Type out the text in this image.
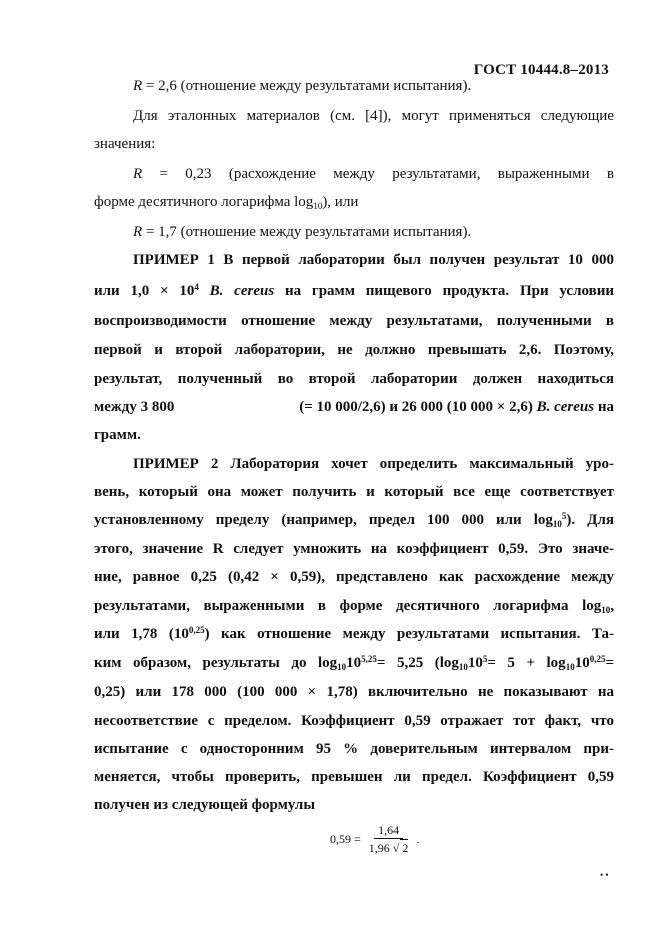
ГОСТ 10444.8–2013
R = 2,6 (отношение между результатами испытания).
Для эталонных материалов (см. [4]), могут применяться следующие
значения:
R = 0,23 (расхождение между результатами, выраженными в
форме десятичного логарифма $\log_{10}$), или
R = 1,7 (отношение между результатами испытания).
ПРИМЕР 1 В первой лаборатории был получен результат 10 000
или $1,0 \times 10^4$ B. cereus на грамм пищевого продукта. При условии
воспроизводимости отношение между результатами, полученными в
первой и второй лаборатории, не должно превышать 2,6. Поэтому,
результат, полученный во второй лаборатории должен находиться
между 3 800	(= 10 000/2,6) и 26 000 (10 000 × 2,6) B. cereus на
грамм.
ПРИМЕР 2 Лаборатория хочет определить максимальный уро-
вень, который она может получить и который все еще соответствует
установленному пределу (например, предел 100 000 или $\log_{10}^5$). Для
этого, значение R следует умножить на коэффициент 0,59. Это значе-
ние, равное 0,25 (0,42 × 0,59), представлено как расхождение между
результатами, выраженными в форме десятичного логарифма $\log_{10}$,
или 1,78 (10$^{0,25}$) как отношение между результатами испытания. Та-
ким образом, результаты до $\log_{10}10^{5,25}= 5,25$ ($\log_{10}10^5= 5 + \log_{10}10^{0,25}=$
0,25) или 178 000 (100 000 × 1,78) включительно не показывают на
несоответствие с пределом. Коэффициент 0,59 отражает тот факт, что
испытание с односторонним 95 % доверительным интервалом при-
меняется, чтобы проверить, превышен ли предел. Коэффициент 0,59
получен из следующей формулы
$0,59 = \frac{1,64}{1,96 √ 2}$ .
• •
